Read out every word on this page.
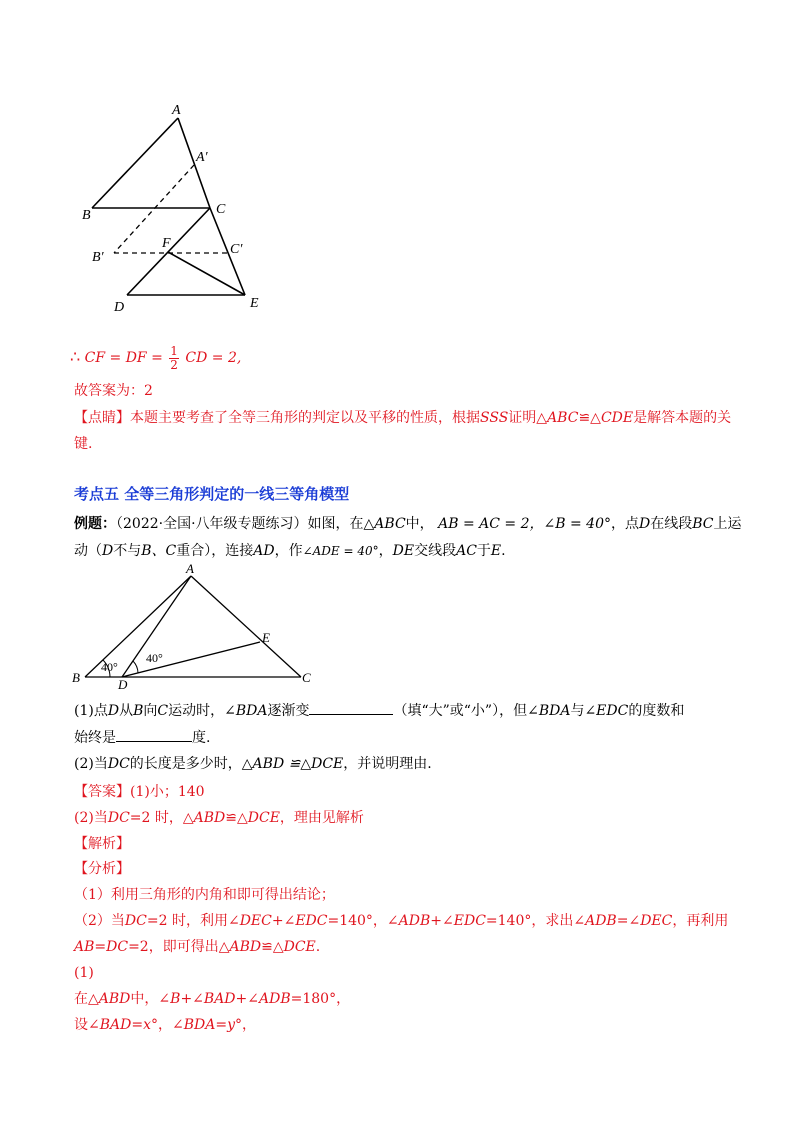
A
A′
B	C
B′
F	C′
D	E
∴ CF = DF = $\frac{1}{2}$ CD = 2,
故答案为：2
【点睛】本题主要考查了全等三角形的判定以及平移的性质，根据SSS证明△ABC≌△CDE是解答本题的关
键.
考点五 全等三角形判定的一线三等角模型
例题：（2022·全国·八年级专题练习）如图，在△ABC中， AB = AC = 2，∠B = 40°，点D在线段BC上运
动（D不与B、C重合），连接AD，作∠ADE = 40°，DE交线段AC于E.
A
E
B	D	C
40°
40°
(1)点D从B向C运动时，∠BDA逐渐变	（填“大”或“小”），但∠BDA与∠EDC的度数和
始终是	度.
(2)当DC的长度是多少时，△ABD ≌△DCE，并说明理由.
【答案】(1)小；140
(2)当DC=2 时，△ABD≌△DCE，理由见解析
【解析】
【分析】
（1）利用三角形的内角和即可得出结论；
（2）当DC=2 时，利用∠DEC+∠EDC=140°，∠ADB+∠EDC=140°，求出∠ADB=∠DEC，再利用
AB=DC=2，即可得出△ABD≌△DCE.
(1)
在△ABD中，∠B+∠BAD+∠ADB=180°，
设∠BAD=x°，∠BDA=y°，
